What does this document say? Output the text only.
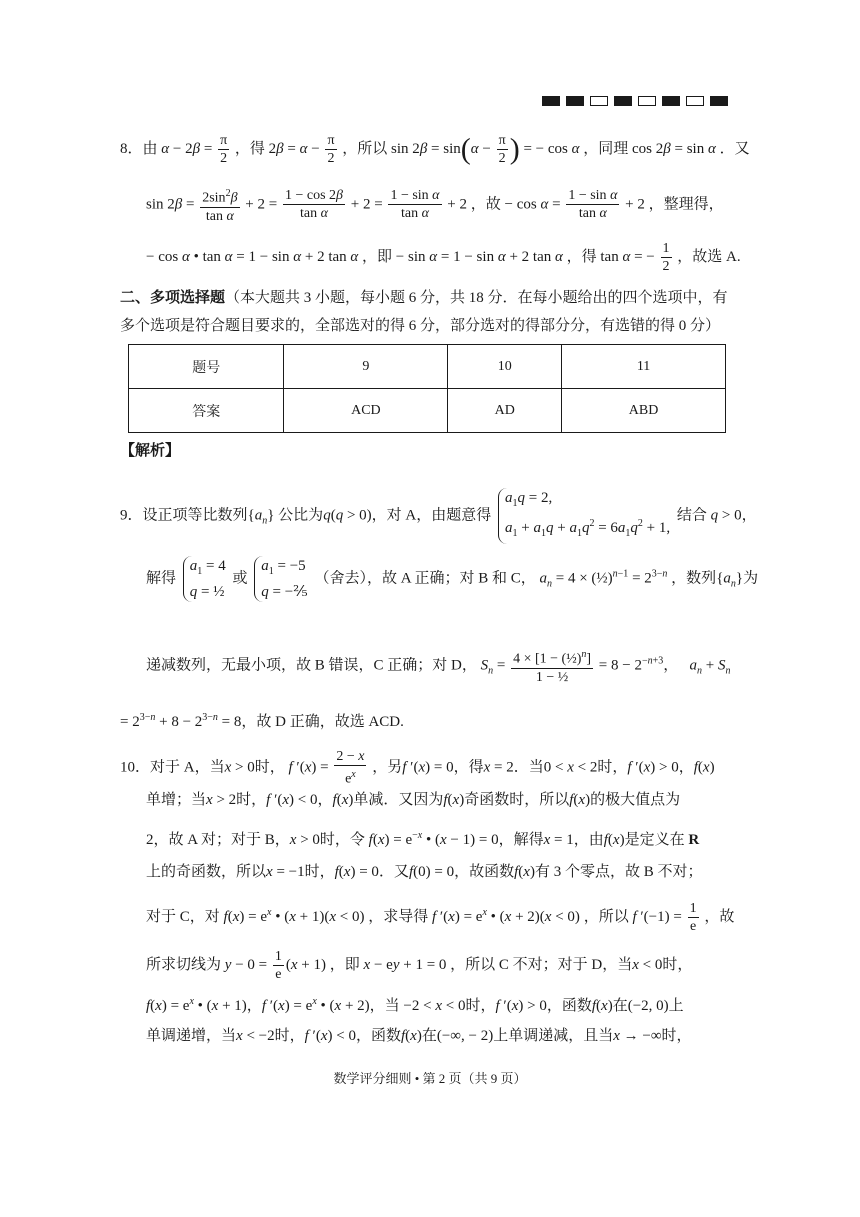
8．由 $\alpha - 2\beta = \frac{\pi}{2}$ ，得 $2\beta = \alpha - \frac{\pi}{2}$ ，所以 $\sin 2\beta = \sin(\alpha - \frac{\pi}{2}$ ) = − cos α ，同理 cos 2β = sin α ．又
$\sin 2\beta = \frac{2\sin^2\beta}{\text{tan α}} + 2 = \frac{1 - \cos 2\beta}{\text{tan α}} + 2 = \frac{\text{1 − sin α}}{\text{tan α}} + 2$ ，故 − $\cos \alpha = \frac{\text{1 − sin α}}{\text{tan α}} + 2$ ，整理得，
− cos α • tan α = 1 − sin α + 2 tan α ，即 − sin α = 1 − sin α + 2 tan α ，得 tan α = − $\frac{1}{2}$ ，故选 A.
二、多项选择题（本大题共 3 小题，每小题 6 分，共 18 分．在每小题给出的四个选项中，有
多个选项是符合题目要求的，全部选对的得 6 分，部分选对的得部分分，有选错的得 0 分）
题号	9	10	11
答案	ACD	AD	ABD
【解析】
9．设正项等比数列$\{a_n\}$ 公比为q(q > 0)，对 A，由题意得
$a_1q = 2$,
$a_1 + a_1q + a_1q^2 = 6a_1q^2 + 1$,
结合 q > 0，
解得
$a_1 = 4$
q = ½
或
$a_1 = -5$
q = −⅖
（舍去），故 A 正确；对 B 和 C， $a_n = 4$ × (½)$^{n-1}$ = $2^{3-n}$ ，数列$\{a_n\}$为
递减数列，无最小项，故 B 错误，C 正确；对 D， $S_n = \frac{4 \times [1 - (\frac{1}{2})^n]}{\text{1 − ½}} = 8 - 2^{-n+3}$，   $a_n + S_n$
= $2^{3-n} + 8 - 2^{3-n} = 8$，故 D 正确，故选 ACD.
10．对于 A，当x > 0时， f $'(x) = \frac{2 - x}{e^x}$ ，另f ′(x) = 0，得x = 2．当0 < x < 2时，f ′(x) > 0，f(x)
单增；当x > 2时，f ′(x) < 0，f(x)单减．又因为f(x)奇函数时，所以f(x)的极大值点为
2，故 A 对；对于 B，x > 0时，令 $f(x) = e^{-x}$ • (x − 1) = 0，解得x = 1，由f(x)是定义在 R
上的奇函数，所以x = −1时，f(x) = 0．又f(0) = 0，故函数f(x)有 3 个零点，故 B 不对；
对于 C，对 $f(x) = e^x$ • (x + 1)(x < 0) ，求导得 f $'(x) = e^x$ • (x + 2)(x < 0) ，所以 f $'(-1) = \frac{1}{e}$ ，故
所求切线为 $y - 0 = \frac{1}{e} (x + 1)$ ，即 x − ey + 1 = 0 ，所以 C 不对；对于 D，当x < 0时，
$f(x) = e^x$ • (x + 1)，f $'(x) = e^x$ • (x + 2)，当 −2 < x < 0时，f ′(x) > 0，函数f(x)在(−2, 0)上
单调递增，当x < −2时，f ′(x) < 0，函数f(x)在(−∞, − 2)上单调递减，且当x → −∞时，
数学评分细则 • 第 2 页（共 9 页）
